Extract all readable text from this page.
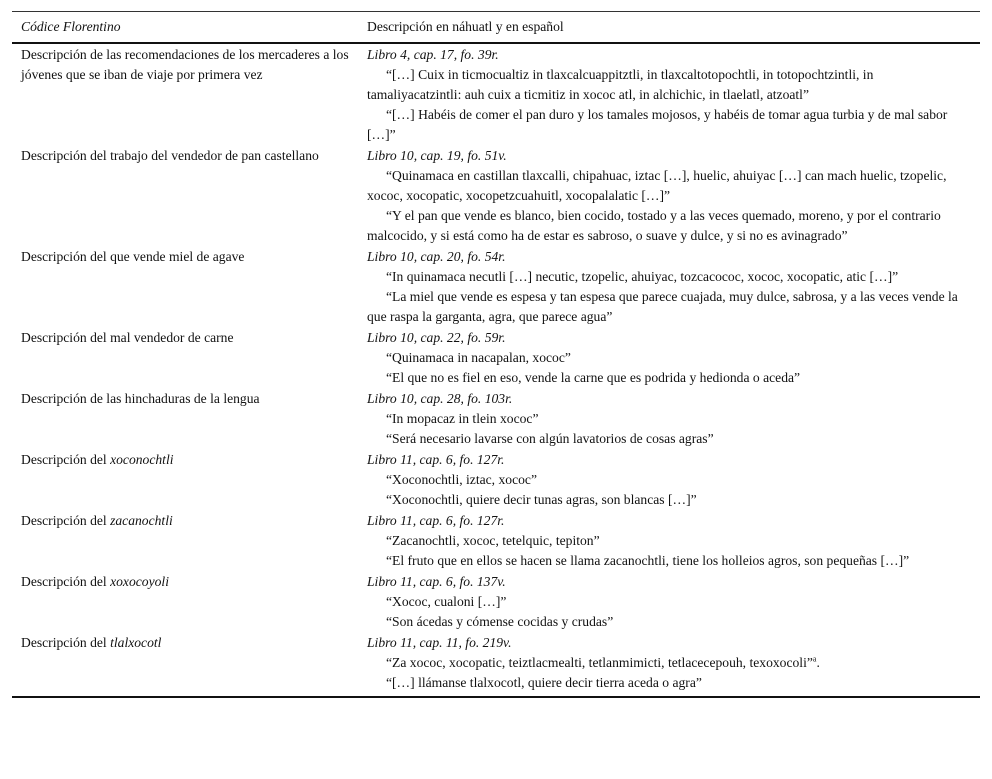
Códice Florentino	Descripción en náhuatl y en español
Descripción de las recomendaciones de los mercaderes a los jóvenes que se iban de viaje por primera vez	Libro 4, cap. 17, fo. 39r.
“[…] Cuix in ticmocualtiz in tlaxcalcuappitztli, in tlaxcaltotopochtli, in totopochtzintli, in tamaliyacatzintli: auh cuix a ticmitiz in xococ atl, in alchichic, in tlaelatl, atzoatl”
“[…] Habéis de comer el pan duro y los tamales mojosos, y habéis de tomar agua turbia y de mal sabor […]”

Descripción del trabajo del vendedor de pan castellano	Libro 10, cap. 19, fo. 51v.
“Quinamaca en castillan tlaxcalli, chipahuac, iztac […], huelic, ahuiyac […] can mach huelic, tzopelic, xococ, xocopatic, xocopetzcuahuitl, xocopalalatic […]”
“Y el pan que vende es blanco, bien cocido, tostado y a las veces quemado, moreno, y por el contrario malcocido, y si está como ha de estar es sabroso, o suave y dulce, y si no es avinagrado”

Descripción del que vende miel de agave	Libro 10, cap. 20, fo. 54r.
“In quinamaca necutli […] necutic, tzopelic, ahuiyac, tozcacococ, xococ, xocopatic, atic […]”
“La miel que vende es espesa y tan espesa que parece cuajada, muy dulce, sabrosa, y a las veces vende la que raspa la garganta, agra, que parece agua”

Descripción del mal vendedor de carne	Libro 10, cap. 22, fo. 59r.
“Quinamaca in nacapalan, xococ”
“El que no es fiel en eso, vende la carne que es podrida y hedionda o aceda”

Descripción de las hinchaduras de la lengua	Libro 10, cap. 28, fo. 103r.
“In mopacaz in tlein xococ”
“Será necesario lavarse con algún lavatorios de cosas agras”

Descripción del xoconochtli	Libro 11, cap. 6, fo. 127r.
“Xoconochtli, iztac, xococ”
“Xoconochtli, quiere decir tunas agras, son blancas […]”

Descripción del zacanochtli	Libro 11, cap. 6, fo. 127r.
“Zacanochtli, xococ, tetelquic, tepiton”
“El fruto que en ellos se hacen se llama zacanochtli, tiene los holleios agros, son pequeñas […]”

Descripción del xoxocoyoli	Libro 11, cap. 6, fo. 137v.
“Xococ, cualoni […]”
“Son ácedas y cómense cocidas y crudas”

Descripción del tlalxocotl	Libro 11, cap. 11, fo. 219v.
“Za xococ, xocopatic, teiztlacmealti, tetlanmimicti, tetlacecepouh, texoxocoli”$^a$.
“[…] llámanse tlalxocotl, quiere decir tierra aceda o agra”
